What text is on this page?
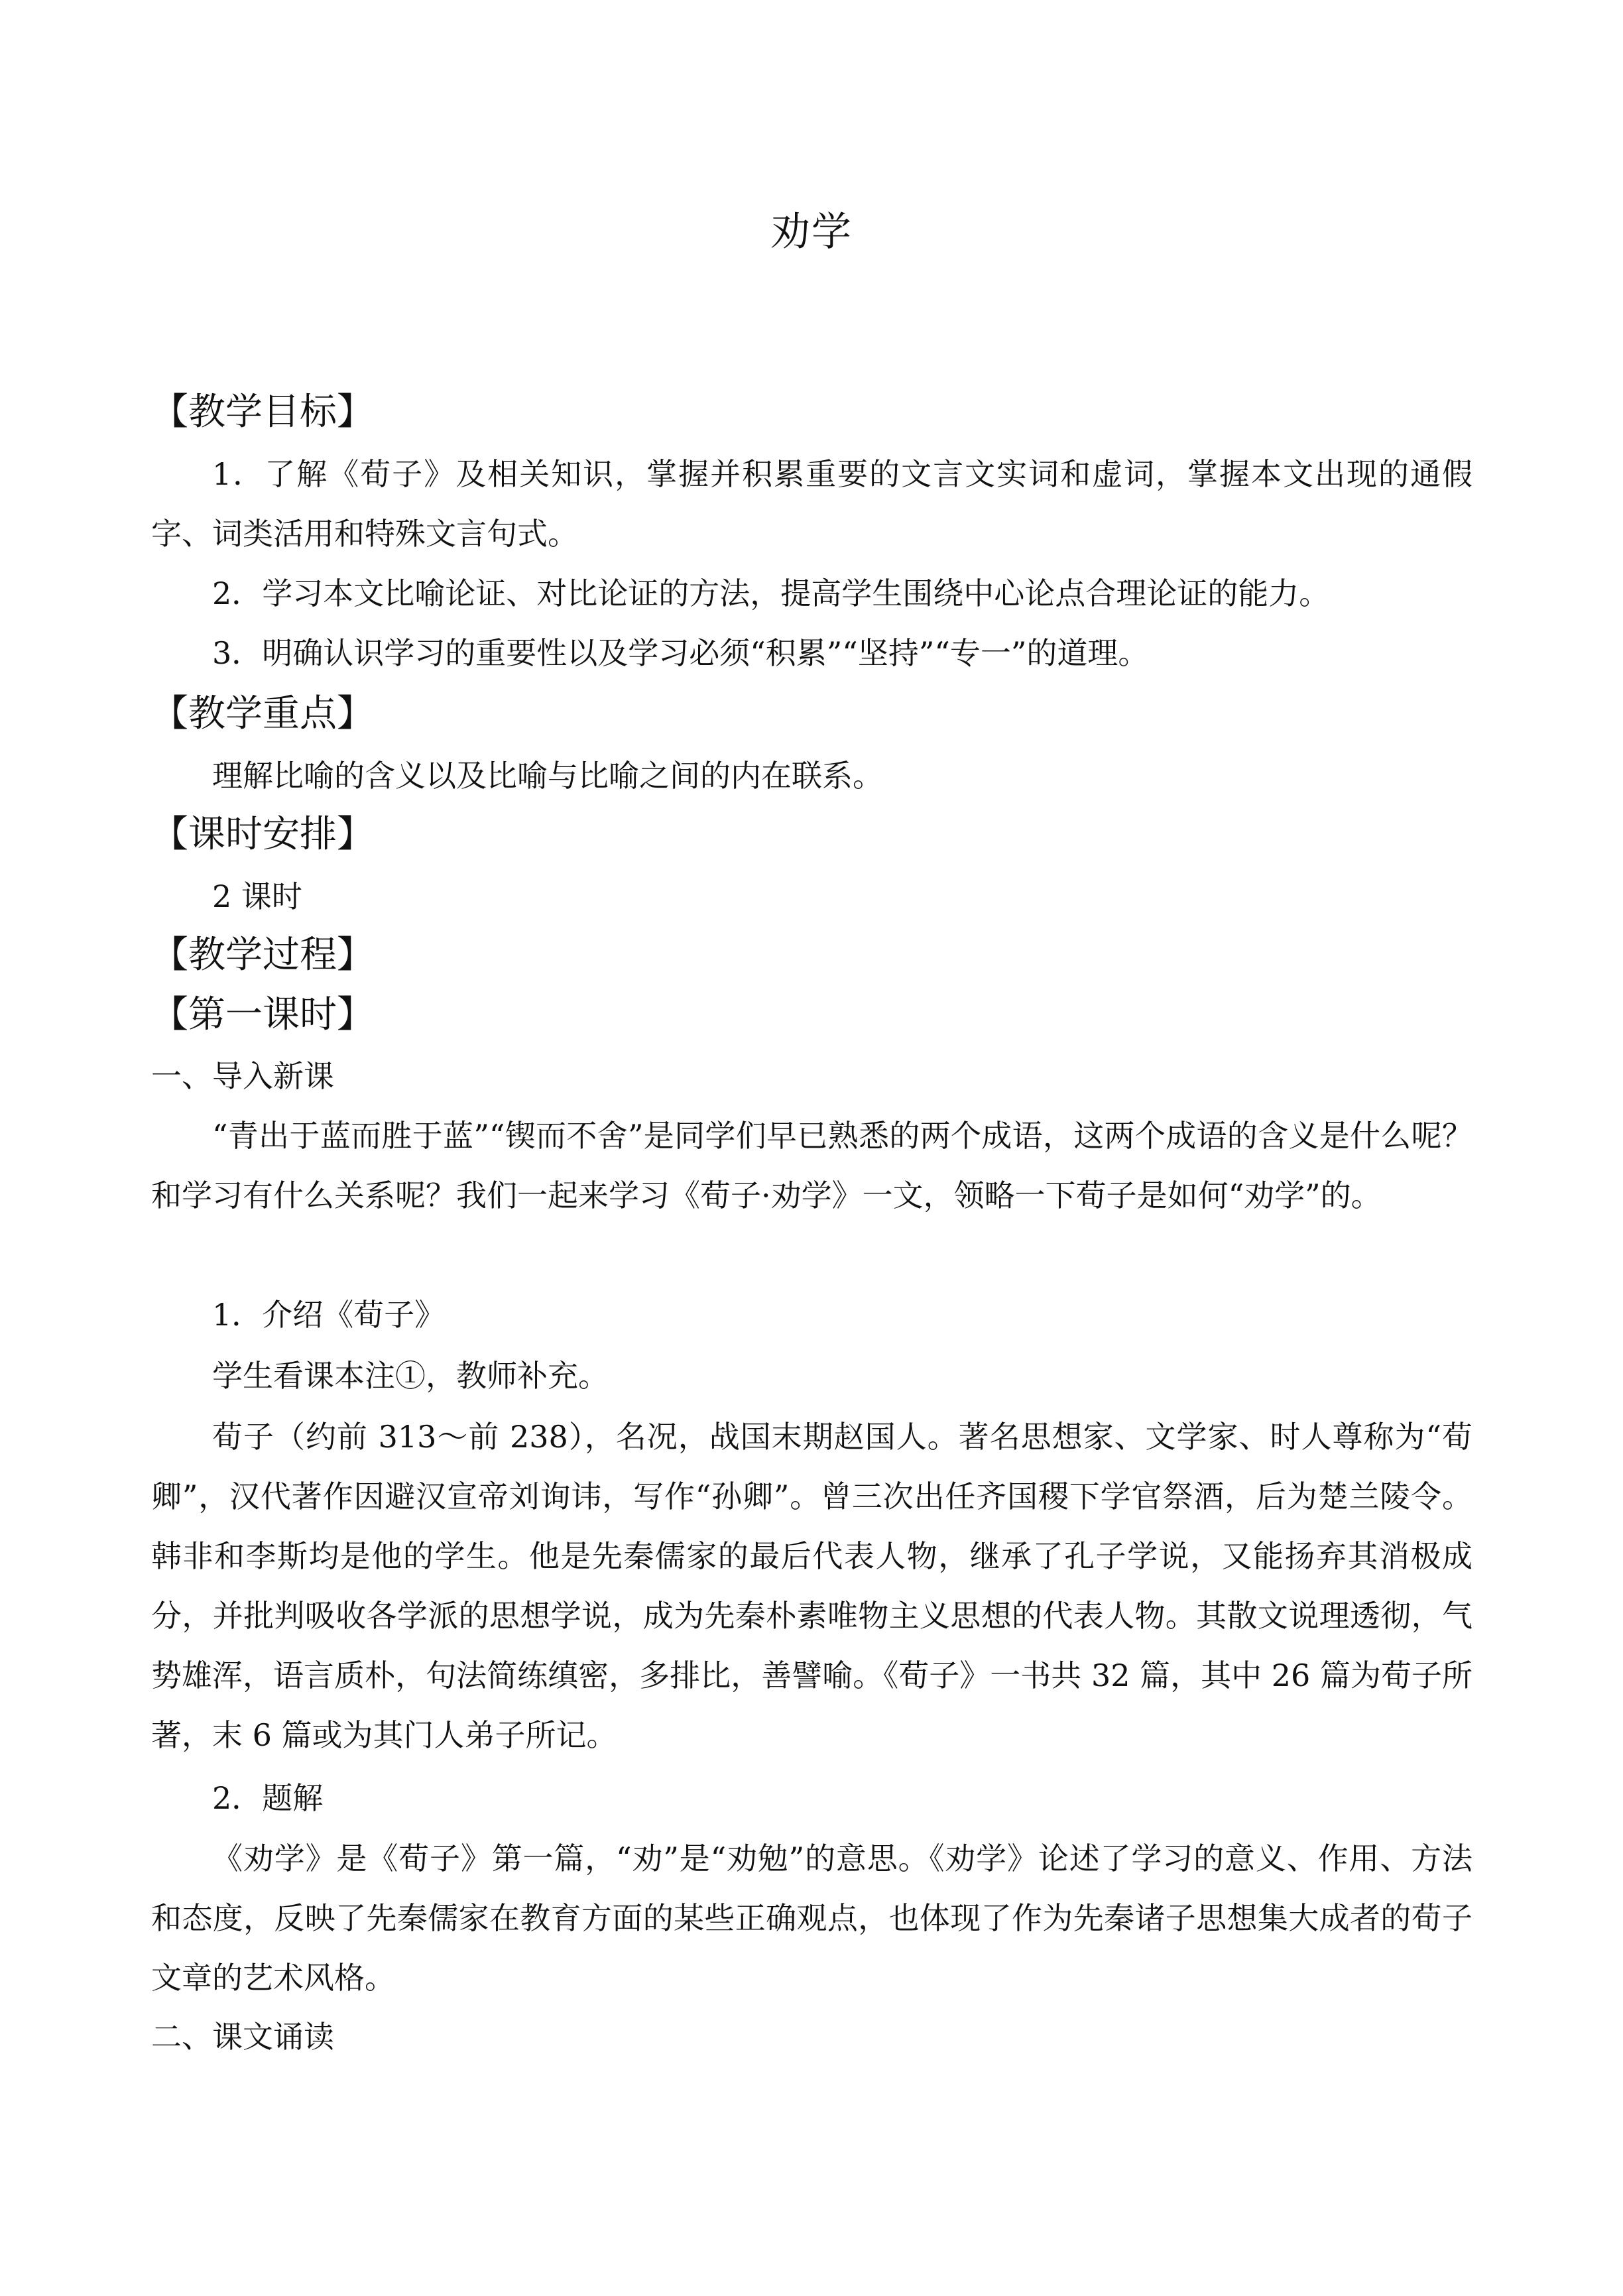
劝学
【教学目标】

1．了解《荀子》及相关知识，掌握并积累重要的文言文实词和虚词，掌握本文出现的通假字、词类活用和特殊文言句式。

2．学习本文比喻论证、对比论证的方法，提高学生围绕中心论点合理论证的能力。

3．明确认识学习的重要性以及学习必须“积累”“坚持”“专一”的道理。

【教学重点】

理解比喻的含义以及比喻与比喻之间的内在联系。

【课时安排】

2 课时

【教学过程】
【第一课时】
一、导入新课

“青出于蓝而胜于蓝”“锲而不舍”是同学们早已熟悉的两个成语，这两个成语的含义是什么呢？和学习有什么关系呢？我们一起来学习《荀子·劝学》一文，领略一下荀子是如何“劝学”的。

1．介绍《荀子》
学生看课本注①，教师补充。

荀子（约前 313～前 238），名况，战国末期赵国人。著名思想家、文学家、时人尊称为“荀卿”，汉代著作因避汉宣帝刘询讳，写作“孙卿”。曾三次出任齐国稷下学官祭酒，后为楚兰陵令。韩非和李斯均是他的学生。他是先秦儒家的最后代表人物，继承了孔子学说，又能扬弃其消极成分，并批判吸收各学派的思想学说，成为先秦朴素唯物主义思想的代表人物。其散文说理透彻，气势雄浑，语言质朴，句法简练缜密，多排比，善譬喻。《荀子》一书共 32 篇，其中 26 篇为荀子所著，末 6 篇或为其门人弟子所记。

2．题解

《劝学》是《荀子》第一篇，“劝”是“劝勉”的意思。《劝学》论述了学习的意义、作用、方法和态度，反映了先秦儒家在教育方面的某些正确观点，也体现了作为先秦诸子思想集大成者的荀子文章的艺术风格。

二、课文诵读
